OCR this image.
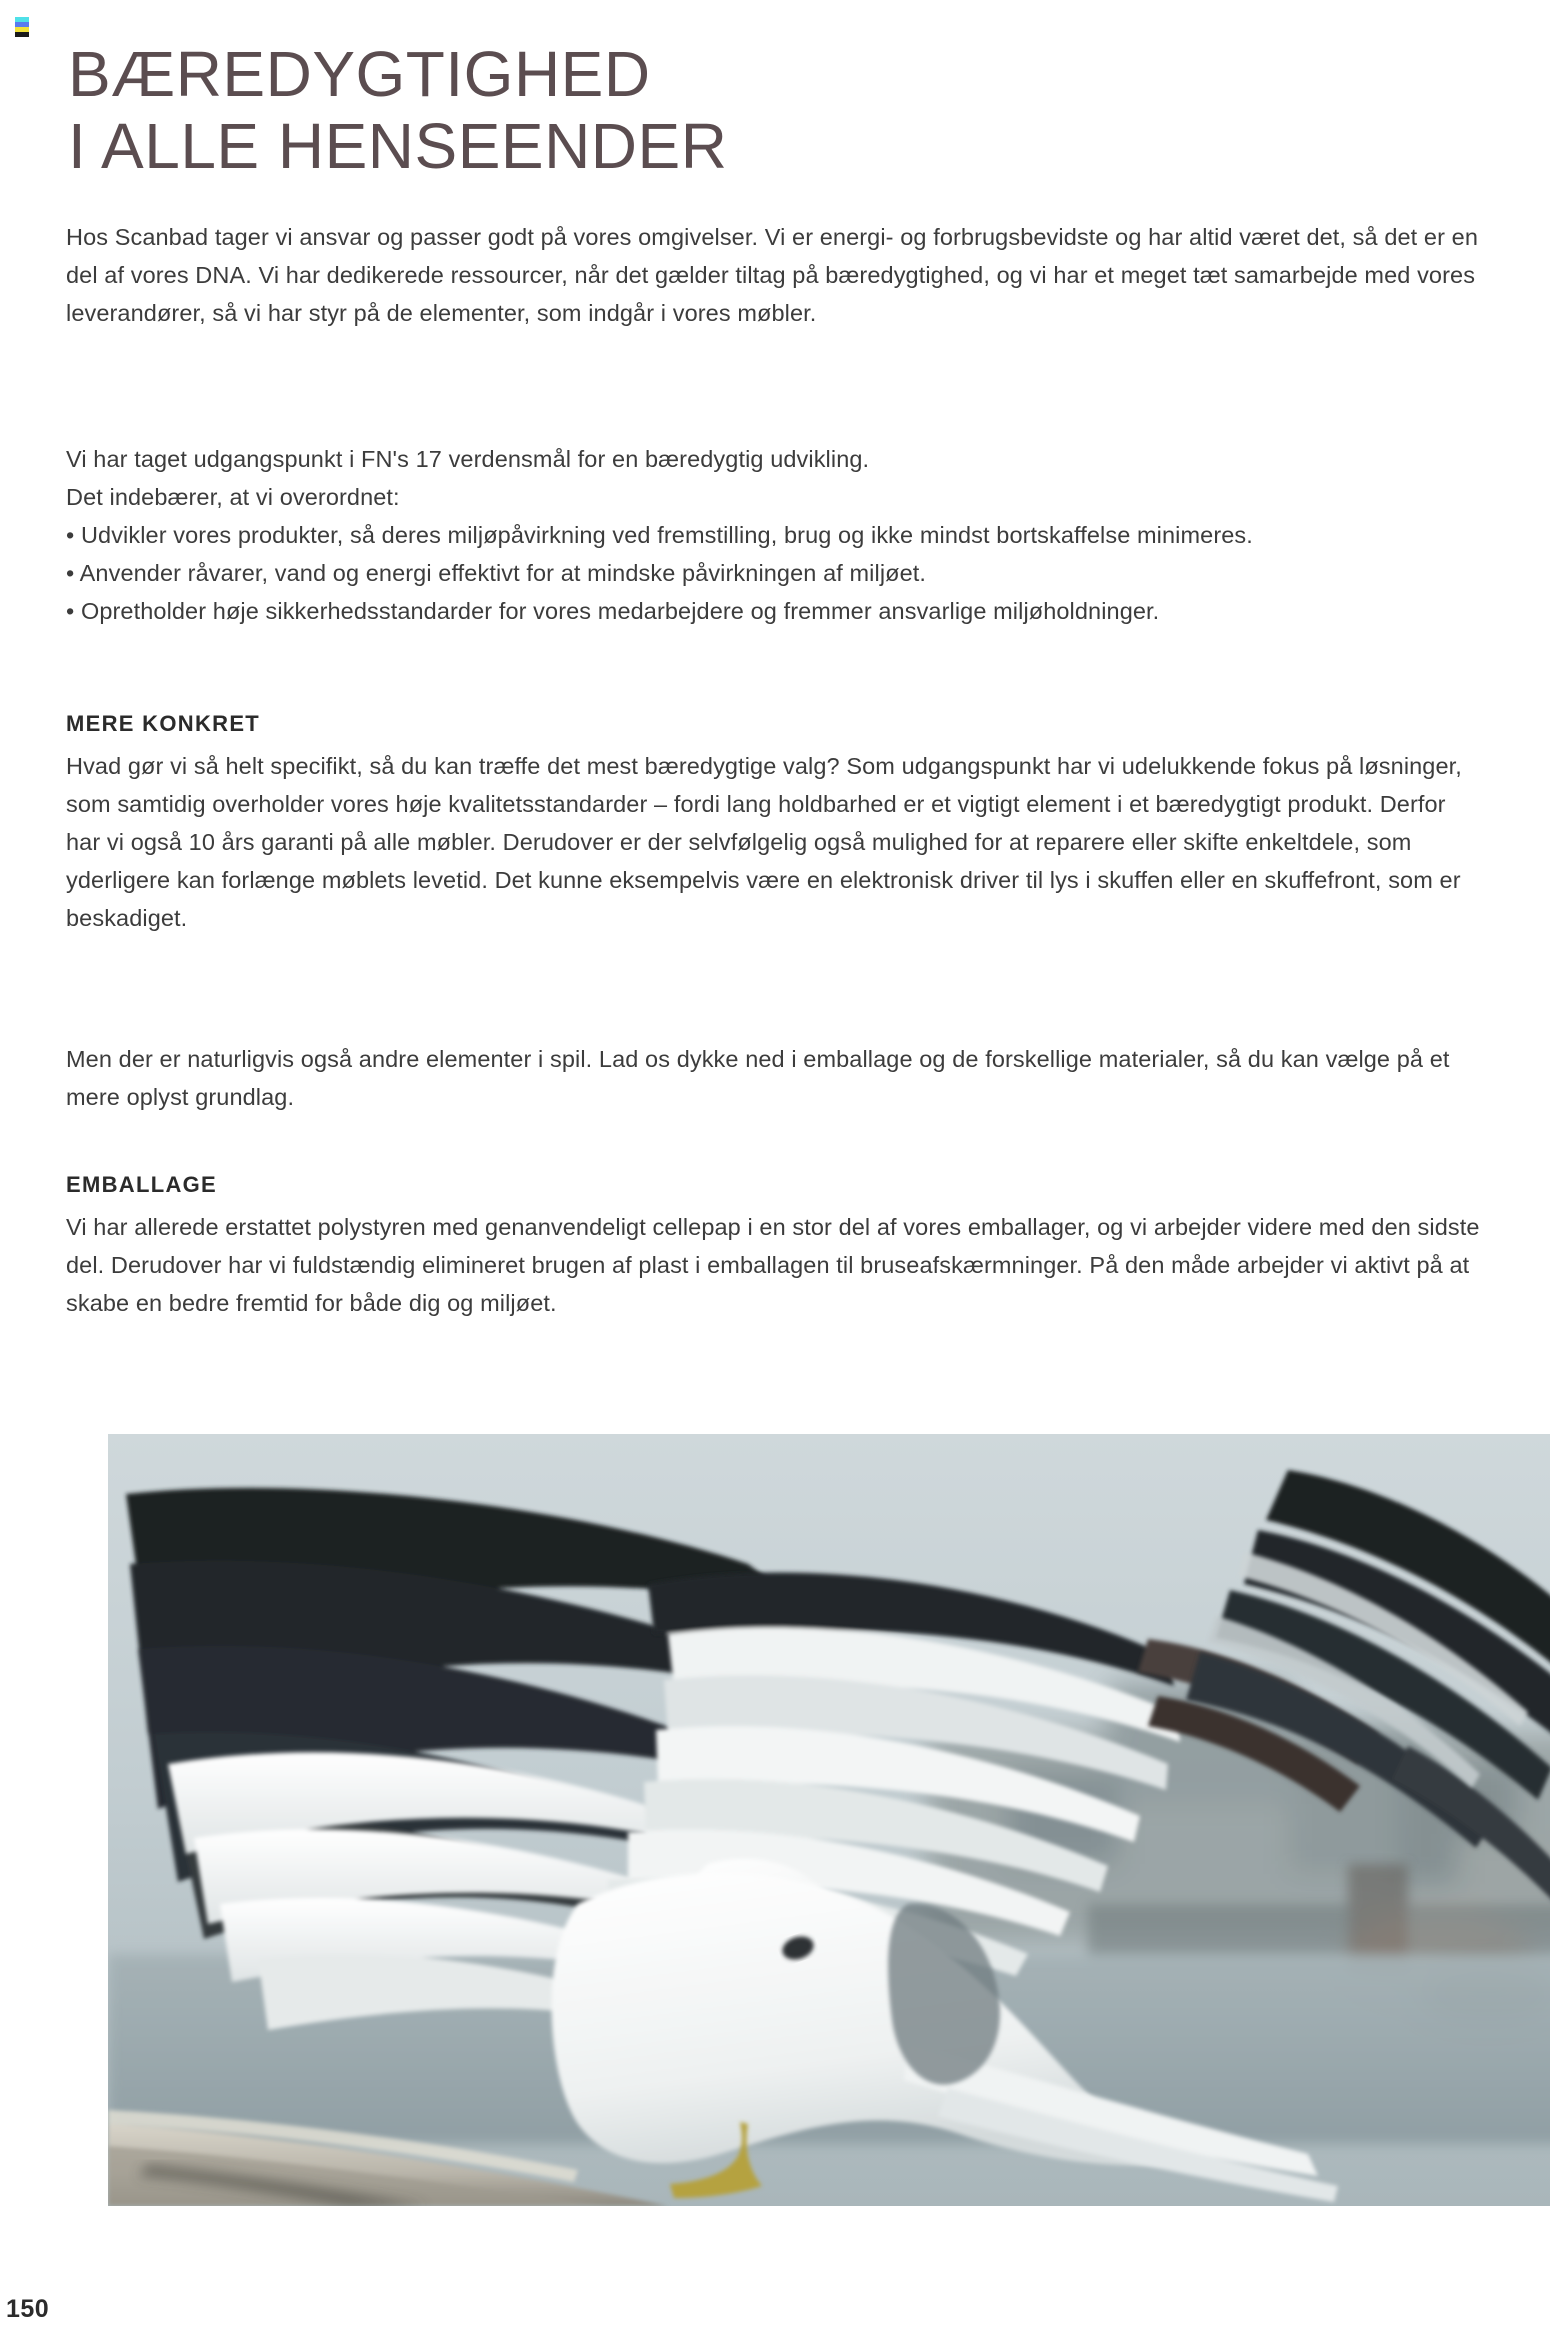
BÆREDYGTIGHED
I ALLE HENSEENDER

Hos Scanbad tager vi ansvar og passer godt på vores omgivelser. Vi er energi- og forbrugsbevidste og har altid været det, så det er en del af vores DNA. Vi har dedikerede ressourcer, når det gælder tiltag på bæredygtighed, og vi har et meget tæt samarbejde med vores leverandører, så vi har styr på de elementer, som indgår i vores møbler.

Vi har taget udgangspunkt i FN's 17 verdensmål for en bæredygtig udvikling.

Det indebærer, at vi overordnet:

• Udvikler vores produkter, så deres miljøpåvirkning ved fremstilling, brug og ikke mindst bortskaffelse minimeres.

• Anvender råvarer, vand og energi effektivt for at mindske påvirkningen af miljøet.

• Opretholder høje sikkerhedsstandarder for vores medarbejdere og fremmer ansvarlige miljøholdninger.

MERE KONKRET

Hvad gør vi så helt specifikt, så du kan træffe det mest bæredygtige valg? Som udgangspunkt har vi udelukkende fokus på løsninger, som samtidig overholder vores høje kvalitetsstandarder – fordi lang holdbarhed er et vigtigt element i et bæredygtigt produkt. Derfor har vi også 10 års garanti på alle møbler. Derudover er der selvfølgelig også mulighed for at reparere eller skifte enkeltdele, som yderligere kan forlænge møblets levetid. Det kunne eksempelvis være en elektronisk driver til lys i skuffen eller en skuffefront, som er beskadiget.

Men der er naturligvis også andre elementer i spil. Lad os dykke ned i emballage og de forskellige materialer, så du kan vælge på et mere oplyst grundlag.

EMBALLAGE

Vi har allerede erstattet polystyren med genanvendeligt cellepap i en stor del af vores emballager, og vi arbejder videre med den sidste del. Derudover har vi fuldstændig elimineret brugen af plast i emballagen til bruseafskærmninger. På den måde arbejder vi aktivt på at skabe en bedre fremtid for både dig og miljøet.

150
